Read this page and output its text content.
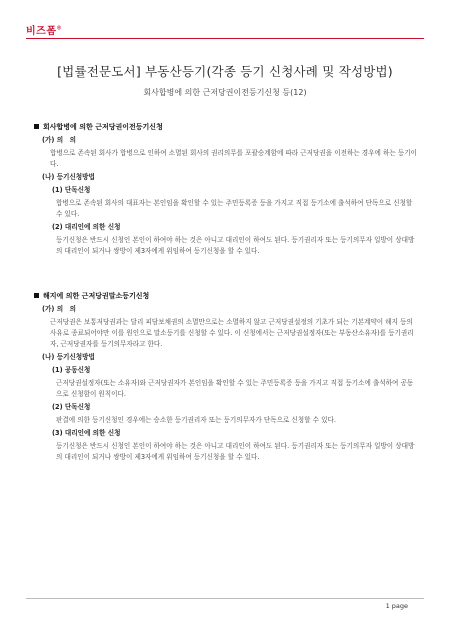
비즈폼®
[법률전문도서] 부동산등기(각종 등기 신청사례 및 작성방법)
회사합병에 의한 근저당권이전등기신청 등(12)
회사합병에 의한 근저당권이전등기신청
(가) 의　의
합병으로 존속된 회사가 합병으로 인하여 소멸된 회사의 권리의무를 포괄승계함에 따라 근저당권을 이전하는 경우에 하는 등기이다.
(나) 등기신청방법
(1) 단독신청
합병으로 존속된 회사의 대표자는 본인임을 확인할 수 있는 주민등록증 등을 가지고 직접 등기소에 출석하여 단독으로 신청할 수 있다.
(2) 대리인에 의한 신청
등기신청은 반드시 신청인 본인이 하여야 하는 것은 아니고 대리인이 하여도 된다. 등기권리자 또는 등기의무자 일방이 상대방의 대리인이 되거나 쌍방이 제3자에게 위임하여 등기신청을 할 수 있다.
해지에 의한 근저당권말소등기신청
(가) 의　의
근저당권은 보통저당권과는 달리 피담보채권의 소멸만으로는 소멸하지 않고 근저당권설정의 기초가 되는 기본계약이 해지 등의 사유로 종료되어야만 이를 원인으로 말소등기를 신청할 수 있다. 이 신청에서는 근저당권설정자(또는 부동산소유자)를 등기권리자, 근저당권자를 등기의무자라고 한다.
(나) 등기신청방법
(1) 공동신청
근저당권설정자(또는 소유자)와 근저당권자가 본인임을 확인할 수 있는 주민등록증 등을 가지고 직접 등기소에 출석하여 공동으로 신청함이 원칙이다.
(2) 단독신청
판결에 의한 등기신청인 경우에는 승소한 등기권리자 또는 등기의무자가 단독으로 신청할 수 있다.
(3) 대리인에 의한 신청
등기신청은 반드시 신청인 본인이 하여야 하는 것은 아니고 대리인이 하여도 된다. 등기권리자 또는 등기의무자 일방이 상대방의 대리인이 되거나 쌍방이 제3자에게 위임하여 등기신청을 할 수 있다.
1 page
